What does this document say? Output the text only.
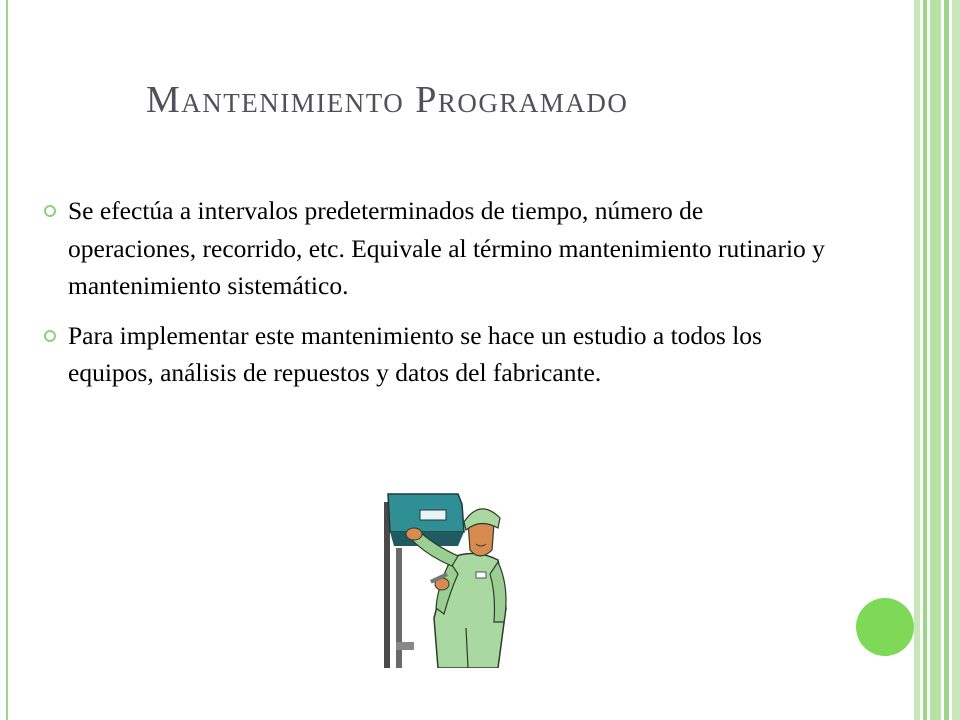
Mantenimiento Programado
Se efectúa a intervalos predeterminados de tiempo, número de operaciones, recorrido, etc. Equivale al término mantenimiento rutinario y mantenimiento sistemático.
Para implementar este mantenimiento se hace un estudio a todos los equipos, análisis de repuestos y datos del fabricante.
